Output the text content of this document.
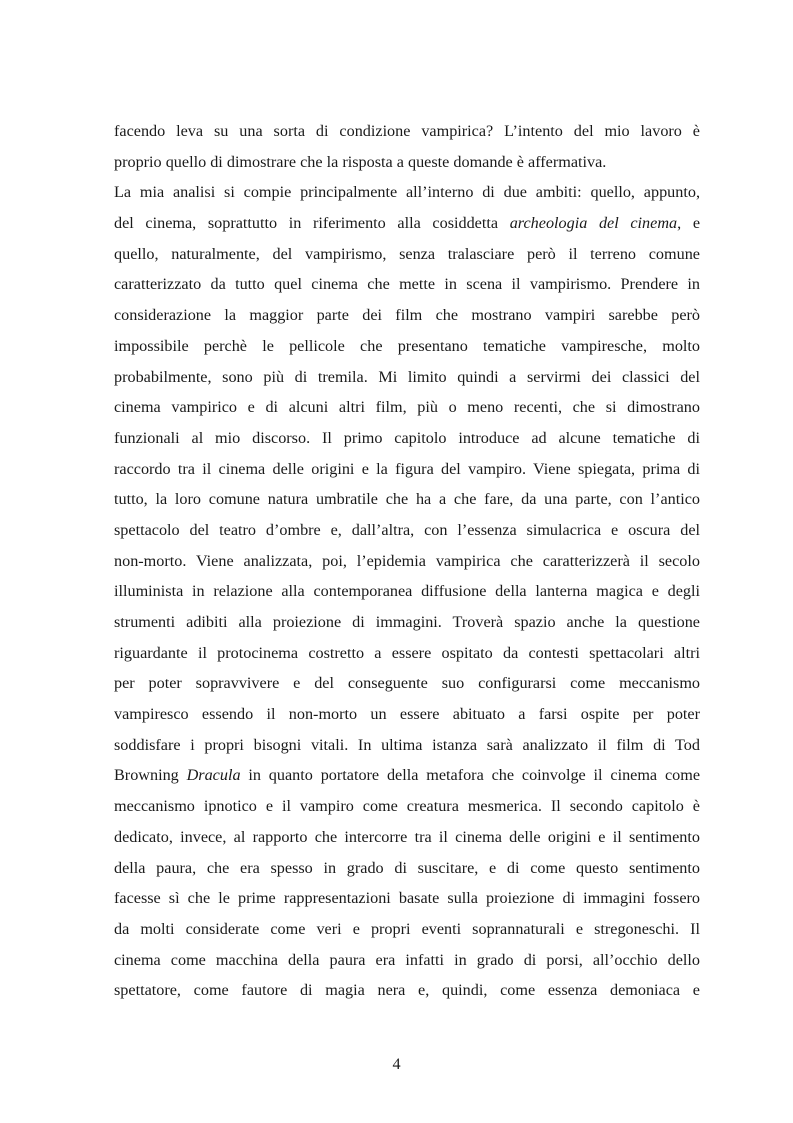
facendo leva su una sorta di condizione vampirica? L’intento del mio lavoro è
proprio quello di dimostrare che la risposta a queste domande è affermativa.
La mia analisi si compie principalmente all’interno di due ambiti: quello, appunto,
del cinema, soprattutto in riferimento alla cosiddetta archeologia del cinema, e
quello, naturalmente, del vampirismo, senza tralasciare però il terreno comune
caratterizzato da tutto quel cinema che mette in scena il vampirismo. Prendere in
considerazione la maggior parte dei film che mostrano vampiri sarebbe però
impossibile perchè le pellicole che presentano tematiche vampiresche, molto
probabilmente, sono più di tremila. Mi limito quindi a servirmi dei classici del
cinema vampirico e di alcuni altri film, più o meno recenti, che si dimostrano
funzionali al mio discorso. Il primo capitolo introduce ad alcune tematiche di
raccordo tra il cinema delle origini e la figura del vampiro. Viene spiegata, prima di
tutto, la loro comune natura umbratile che ha a che fare, da una parte, con l’antico
spettacolo del teatro d’ombre e, dall’altra, con l’essenza simulacrica e oscura del
non-morto. Viene analizzata, poi, l’epidemia vampirica che caratterizzerà il secolo
illuminista in relazione alla contemporanea diffusione della lanterna magica e degli
strumenti adibiti alla proiezione di immagini. Troverà spazio anche la questione
riguardante il protocinema costretto a essere ospitato da contesti spettacolari altri
per poter sopravvivere e del conseguente suo configurarsi come meccanismo
vampiresco essendo il non-morto un essere abituato a farsi ospite per poter
soddisfare i propri bisogni vitali. In ultima istanza sarà analizzato il film di Tod
Browning Dracula in quanto portatore della metafora che coinvolge il cinema come
meccanismo ipnotico e il vampiro come creatura mesmerica. Il secondo capitolo è
dedicato, invece, al rapporto che intercorre tra il cinema delle origini e il sentimento
della paura, che era spesso in grado di suscitare, e di come questo sentimento
facesse sì che le prime rappresentazioni basate sulla proiezione di immagini fossero
da molti considerate come veri e propri eventi soprannaturali e stregoneschi. Il
cinema come macchina della paura era infatti in grado di porsi, all’occhio dello
spettatore, come fautore di magia nera e, quindi, come essenza demoniaca e
4
